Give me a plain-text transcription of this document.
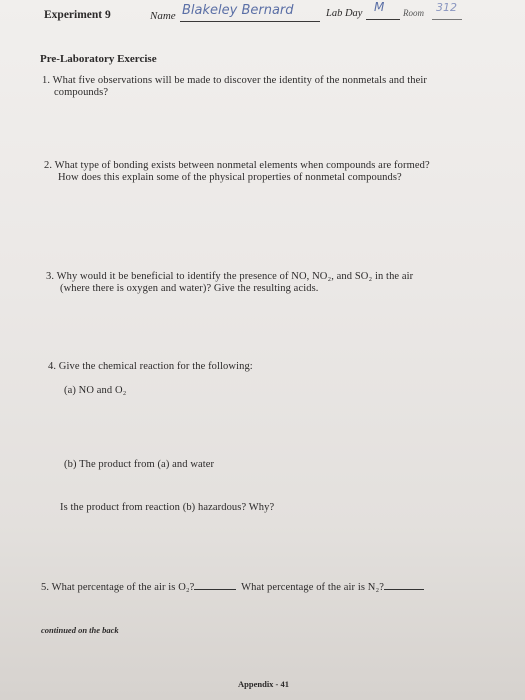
Experiment 9	Name Blakeley Bernard	Lab Day M Room 312
Pre-Laboratory Exercise
1. What five observations will be made to discover the identity of the nonmetals and their
compounds?
2. What type of bonding exists between nonmetal elements when compounds are formed?
How does this explain some of the physical properties of nonmetal compounds?
3. Why would it be beneficial to identify the presence of NO, NO₂, and SO₂ in the air
(where there is oxygen and water)? Give the resulting acids.
4. Give the chemical reaction for the following:
(a) NO and O₂
(b) The product from (a) and water
Is the product from reaction (b) hazardous? Why?
5. What percentage of the air is O₂?	What percentage of the air is N₂?
continued on the back
Appendix - 41
